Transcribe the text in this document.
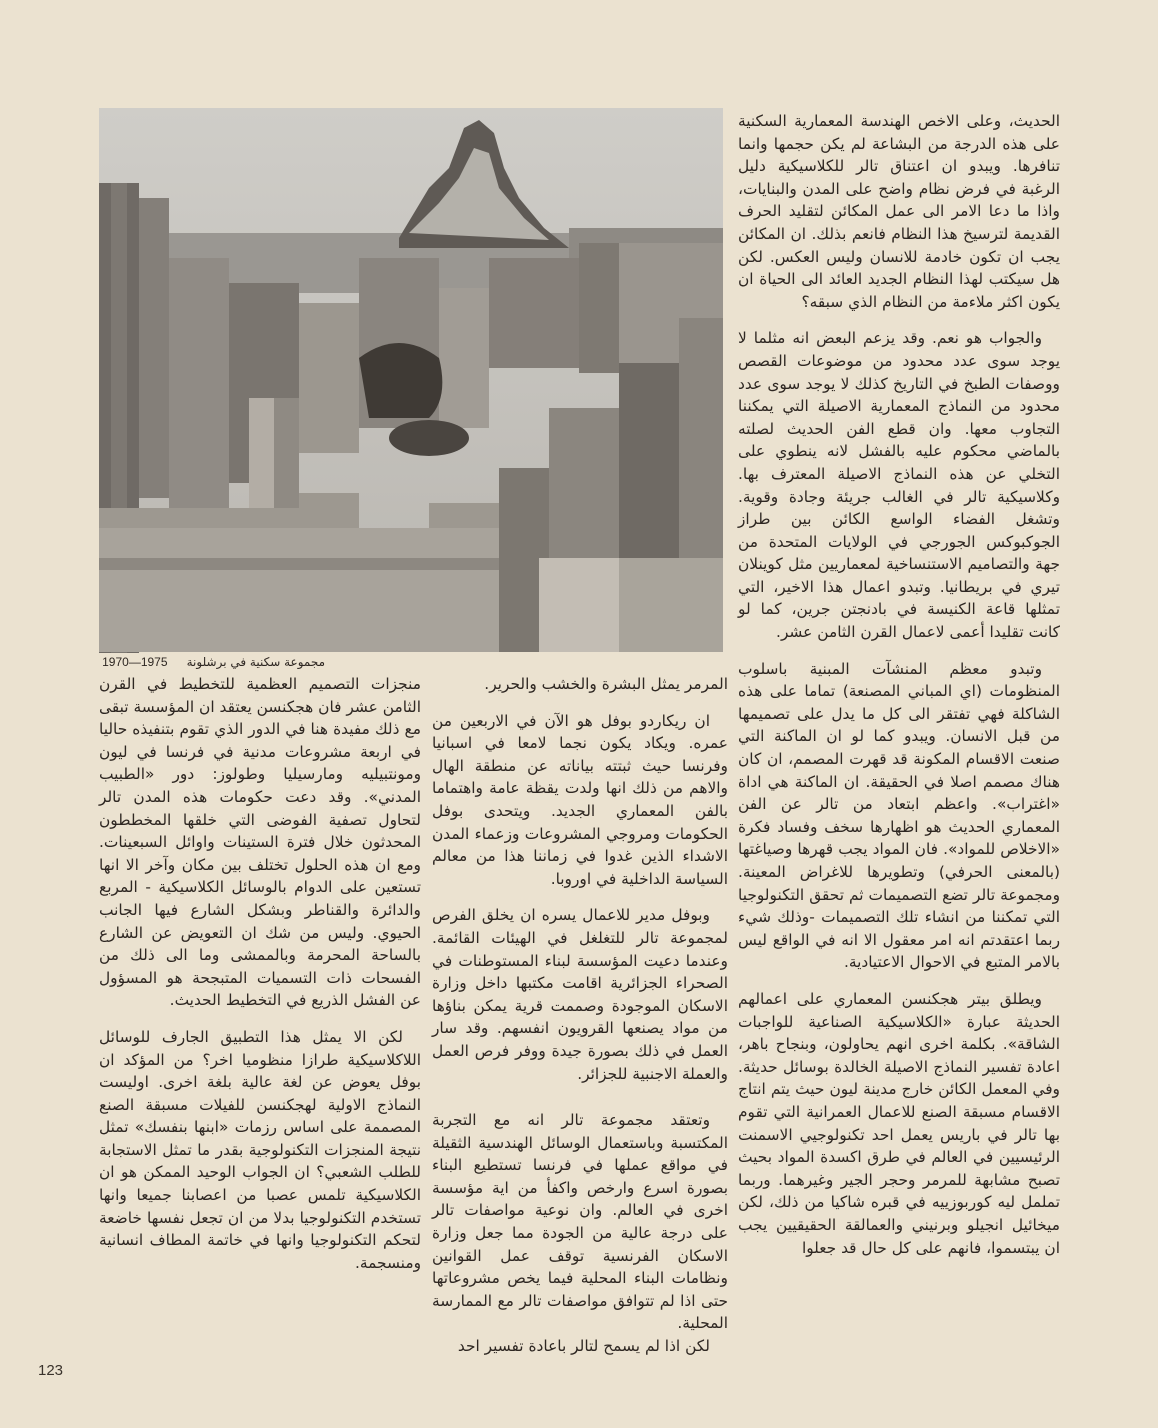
مجموعة سكنية في برشلونة     1975—1970

الحديث، وعلى الاخص الهندسة المعمارية السكنية على هذه الدرجة من البشاعة لم يكن حجمها وانما تنافرها. ويبدو ان اعتناق تالر للكلاسيكية دليل الرغبة في فرض نظام واضح على المدن والبنايات، واذا ما دعا الامر الى عمل المكائن لتقليد الحرف القديمة لترسيخ هذا النظام فانعم بذلك. ان المكائن يجب ان تكون خادمة للانسان وليس العكس. لكن هل سيكتب لهذا النظام الجديد العائد الى الحياة ان يكون اكثر ملاءمة من النظام الذي سبقه؟

والجواب هو نعم. وقد يزعم البعض انه مثلما لا يوجد سوى عدد محدود من موضوعات القصص ووصفات الطبخ في التاريخ كذلك لا يوجد سوى عدد محدود من النماذج المعمارية الاصيلة التي يمكننا التجاوب معها. وان قطع الفن الحديث لصلته بالماضي محكوم عليه بالفشل لانه ينطوي على التخلي عن هذه النماذج الاصيلة المعترف بها. وكلاسيكية تالر في الغالب جريئة وجادة وقوية. وتشغل الفضاء الواسع الكائن بين طراز الجوكبوكس الجورجي في الولايات المتحدة من جهة والتصاميم الاستنساخية لمعماريين مثل كوينلان تيري في بريطانيا. وتبدو اعمال هذا الاخير، التي تمثلها قاعة الكنيسة في بادنجتن جرين، كما لو كانت تقليدا أعمى لاعمال القرن الثامن عشر.

وتبدو معظم المنشآت المبنية باسلوب المنظومات (اي المباني المصنعة) تماما على هذه الشاكلة فهي تفتقر الى كل ما يدل على تصميمها من قبل الانسان. ويبدو كما لو ان الماكنة التي صنعت الاقسام المكونة قد قهرت المصمم، ان كان هناك مصمم اصلا في الحقيقة. ان الماكنة هي اداة «اغتراب». واعظم ابتعاد من تالر عن الفن المعماري الحديث هو اظهارها سخف وفساد فكرة «الاخلاص للمواد». فان المواد يجب قهرها وصياغتها (بالمعنى الحرفي) وتطويرها للاغراض المعينة. ومجموعة تالر تضع التصميمات ثم تحقق التكنولوجيا التي تمكننا من انشاء تلك التصميمات -وذلك شيء ربما اعتقدتم انه امر معقول الا انه في الواقع ليس بالامر المتبع في الاحوال الاعتيادية.

ويطلق بيتر هجكنسن المعماري على اعمالهم الحديثة عبارة «الكلاسيكية الصناعية للواجبات الشاقة». بكلمة اخرى انهم يحاولون، وبنجاح باهر، اعادة تفسير النماذج الاصيلة الخالدة بوسائل حديثة. وفي المعمل الكائن خارج مدينة ليون حيث يتم انتاج الاقسام مسبقة الصنع للاعمال العمرانية التي تقوم بها تالر في باريس يعمل احد تكنولوجيي الاسمنت الرئيسيين في العالم في طرق اكسدة المواد بحيث تصبح مشابهة للمرمر وحجر الجير وغيرهما. وربما تململ ليه كوربوزييه في قبره شاكيا من ذلك، لكن ميخائيل انجيلو وبرنيني والعمالقة الحقيقيين يجب ان يبتسموا، فانهم على كل حال قد جعلوا

المرمر يمثل البشرة والخشب والحرير.

ان ريكاردو بوفل هو الآن في الاربعين من عمره. ويكاد يكون نجما لامعا في اسبانيا وفرنسا حيث ثبتته بياناته عن منطقة الهال والاهم من ذلك انها ولدت يقظة عامة واهتماما بالفن المعماري الجديد. ويتحدى بوفل الحكومات ومروجي المشروعات وزعماء المدن الاشداء الذين غدوا في زماننا هذا من معالم السياسة الداخلية في اوروبا.

وبوفل مدير للاعمال يسره ان يخلق الفرص لمجموعة تالر للتغلغل في الهيئات القائمة. وعندما دعيت المؤسسة لبناء المستوطنات في الصحراء الجزائرية اقامت مكتبها داخل وزارة الاسكان الموجودة وصممت قرية يمكن بناؤها من مواد يصنعها القرويون انفسهم. وقد سار العمل في ذلك بصورة جيدة ووفر فرص العمل والعملة الاجنبية للجزائر.

وتعتقد مجموعة تالر انه مع التجربة المكتسبة وباستعمال الوسائل الهندسية الثقيلة في مواقع عملها في فرنسا تستطيع البناء بصورة اسرع وارخص واكفأ من اية مؤسسة اخرى في العالم. وان نوعية مواصفات تالر على درجة عالية من الجودة مما جعل وزارة الاسكان الفرنسية توقف عمل القوانين ونظامات البناء المحلية فيما يخص مشروعاتها حتى اذا لم تتوافق مواصفات تالر مع الممارسة المحلية.

لكن اذا لم يسمح لتالر باعادة تفسير احد

منجزات التصميم العظمية للتخطيط في القرن الثامن عشر فان هجكنسن يعتقد ان المؤسسة تبقى مع ذلك مفيدة هنا في الدور الذي تقوم بتنفيذه حاليا في اربعة مشروعات مدنية في فرنسا في ليون ومونتبيليه ومارسيليا وطولوز: دور «الطبيب المدني». وقد دعت حكومات هذه المدن تالر لتحاول تصفية الفوضى التي خلقها المخططون المحدثون خلال فترة الستينات واوائل السبعينات. ومع ان هذه الحلول تختلف بين مكان وآخر الا انها تستعين على الدوام بالوسائل الكلاسيكية - المربع والدائرة والقناطر وبشكل الشارع فيها الجانب الحيوي. وليس من شك ان التعويض عن الشارع بالساحة المحرمة وبالممشى وما الى ذلك من الفسحات ذات التسميات المتبجحة هو المسؤول عن الفشل الذريع في التخطيط الحديث.

لكن الا يمثل هذا التطبيق الجارف للوسائل اللاكلاسيكية طرازا منظوميا اخر؟ من المؤكد ان بوفل يعوض عن لغة عالية بلغة اخرى. اوليست النماذج الاولية لهجكنسن للفيلات مسبقة الصنع المصممة على اساس رزمات «ابنها بنفسك» تمثل نتيجة المنجزات التكنولوجية بقدر ما تمثل الاستجابة للطلب الشعبي؟ ان الجواب الوحيد الممكن هو ان الكلاسيكية تلمس عصبا من اعصابنا جميعا وانها تستخدم التكنولوجيا بدلا من ان تجعل نفسها خاضعة لتحكم التكنولوجيا وانها في خاتمة المطاف انسانية ومنسجمة.

123
